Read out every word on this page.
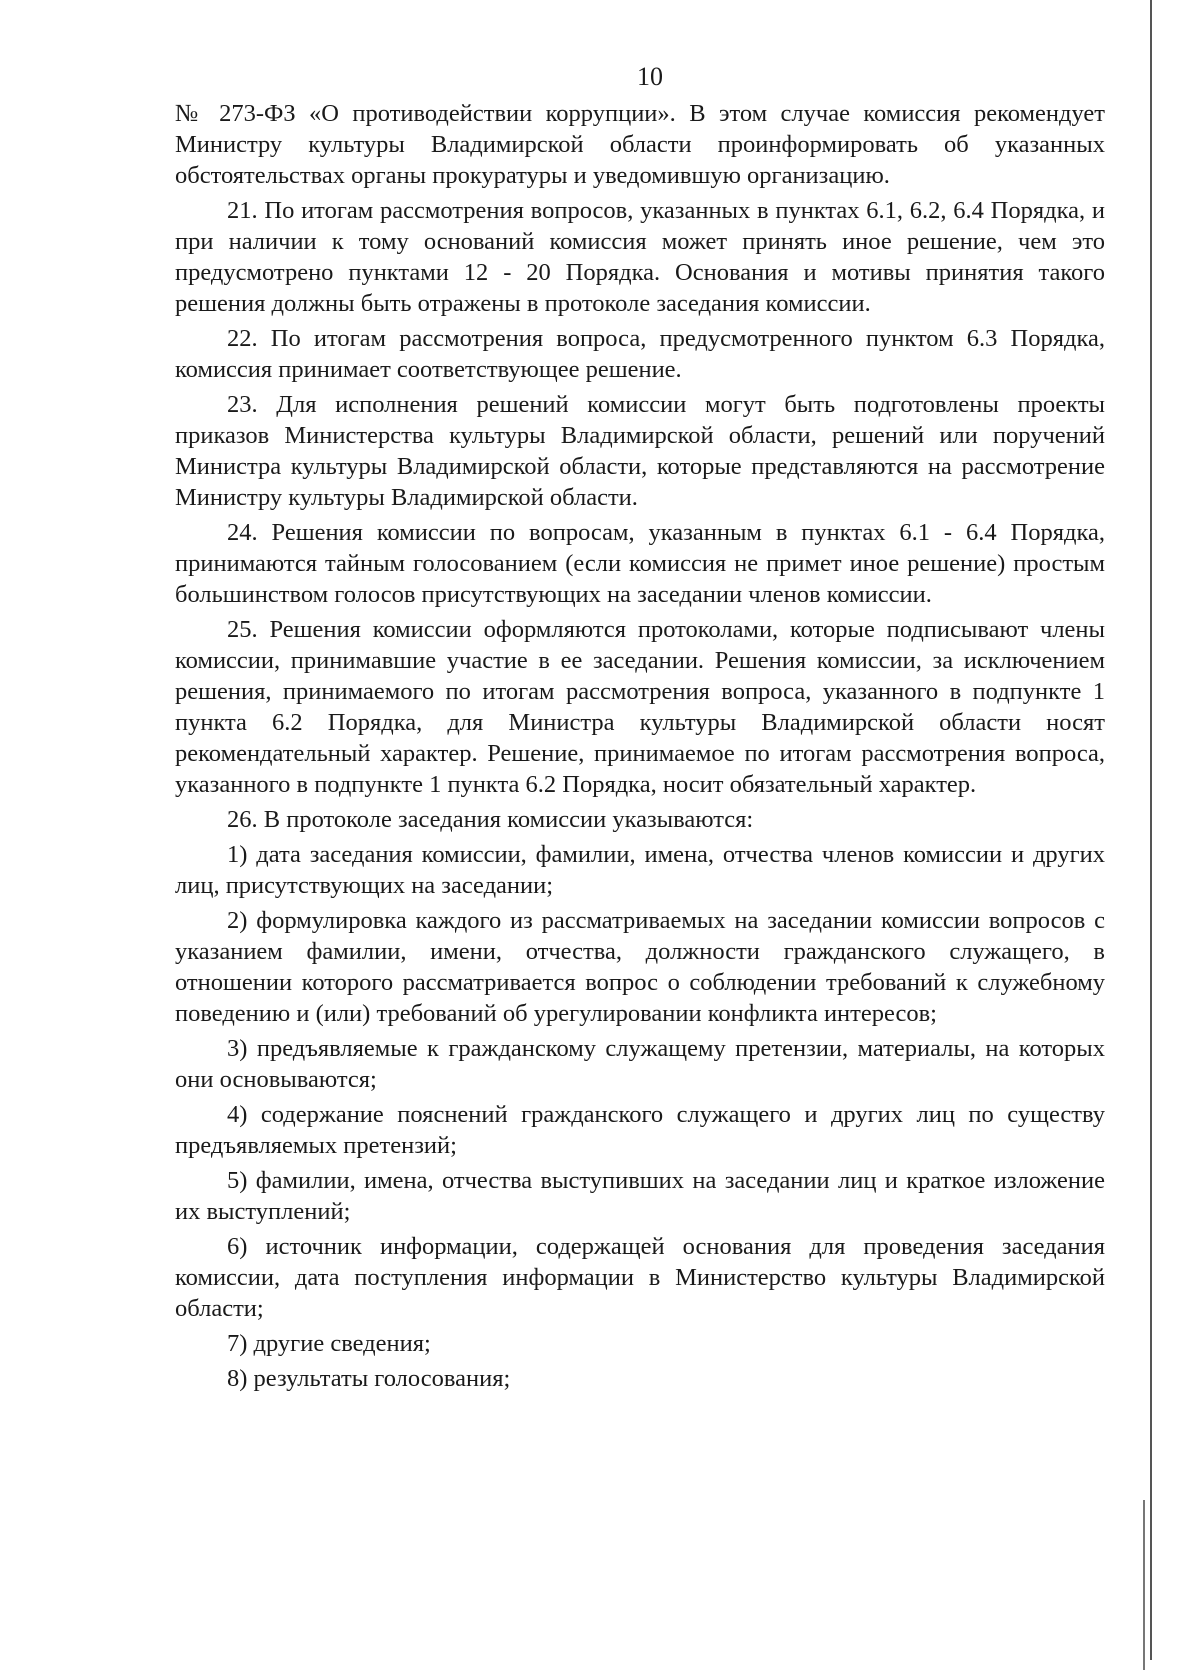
10

№ 273-ФЗ «О противодействии коррупции». В этом случае комиссия рекомендует Министру культуры Владимирской области проинформировать об указанных обстоятельствах органы прокуратуры и уведомившую организацию.

21. По итогам рассмотрения вопросов, указанных в пунктах 6.1, 6.2, 6.4 Порядка, и при наличии к тому оснований комиссия может принять иное решение, чем это предусмотрено пунктами 12 - 20 Порядка. Основания и мотивы принятия такого решения должны быть отражены в протоколе заседания комиссии.

22. По итогам рассмотрения вопроса, предусмотренного пунктом 6.3 Порядка, комиссия принимает соответствующее решение.

23. Для исполнения решений комиссии могут быть подготовлены проекты приказов Министерства культуры Владимирской области, решений или поручений Министра культуры Владимирской области, которые представляются на рассмотрение Министру культуры Владимирской области.

24. Решения комиссии по вопросам, указанным в пунктах 6.1 - 6.4 Порядка, принимаются тайным голосованием (если комиссия не примет иное решение) простым большинством голосов присутствующих на заседании членов комиссии.

25. Решения комиссии оформляются протоколами, которые подписывают члены комиссии, принимавшие участие в ее заседании. Решения комиссии, за исключением решения, принимаемого по итогам рассмотрения вопроса, указанного в подпункте 1 пункта 6.2 Порядка, для Министра культуры Владимирской области носят рекомендательный характер. Решение, принимаемое по итогам рассмотрения вопроса, указанного в подпункте 1 пункта 6.2 Порядка, носит обязательный характер.

26. В протоколе заседания комиссии указываются:

1) дата заседания комиссии, фамилии, имена, отчества членов комиссии и других лиц, присутствующих на заседании;

2) формулировка каждого из рассматриваемых на заседании комиссии вопросов с указанием фамилии, имени, отчества, должности гражданского служащего, в отношении которого рассматривается вопрос о соблюдении требований к служебному поведению и (или) требований об урегулировании конфликта интересов;

3) предъявляемые к гражданскому служащему претензии, материалы, на которых они основываются;

4) содержание пояснений гражданского служащего и других лиц по существу предъявляемых претензий;

5) фамилии, имена, отчества выступивших на заседании лиц и краткое изложение их выступлений;

6) источник информации, содержащей основания для проведения заседания комиссии, дата поступления информации в Министерство культуры Владимирской области;

7) другие сведения;

8) результаты голосования;
